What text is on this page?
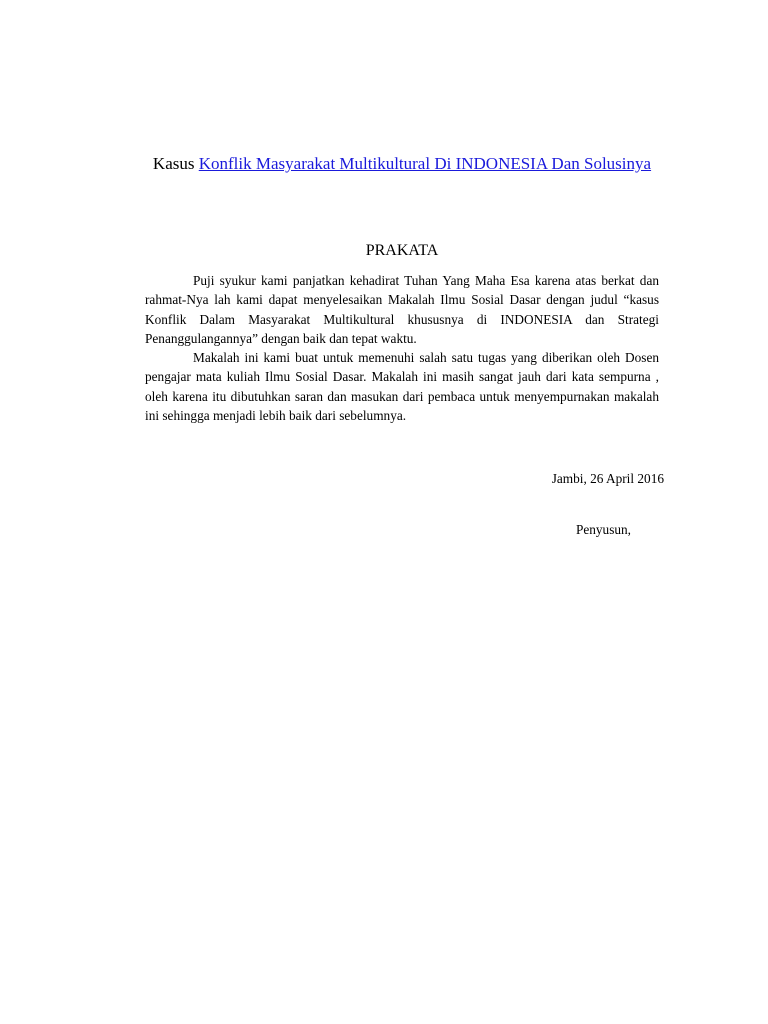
Kasus Konflik Masyarakat Multikultural Di INDONESIA Dan Solusinya
PRAKATA

Puji syukur kami panjatkan kehadirat Tuhan Yang Maha Esa karena atas berkat dan rahmat-Nya lah kami dapat menyelesaikan Makalah Ilmu Sosial Dasar dengan judul “kasus Konflik Dalam Masyarakat Multikultural khususnya di INDONESIA dan Strategi Penanggulangannya” dengan baik dan tepat waktu.

Makalah ini kami buat untuk memenuhi salah satu tugas yang diberikan oleh Dosen pengajar mata kuliah Ilmu Sosial Dasar. Makalah ini masih sangat jauh dari kata sempurna , oleh karena itu dibutuhkan saran dan masukan dari pembaca untuk menyempurnakan makalah ini sehingga menjadi lebih baik dari sebelumnya.

Jambi, 26 April 2016
Penyusun,
